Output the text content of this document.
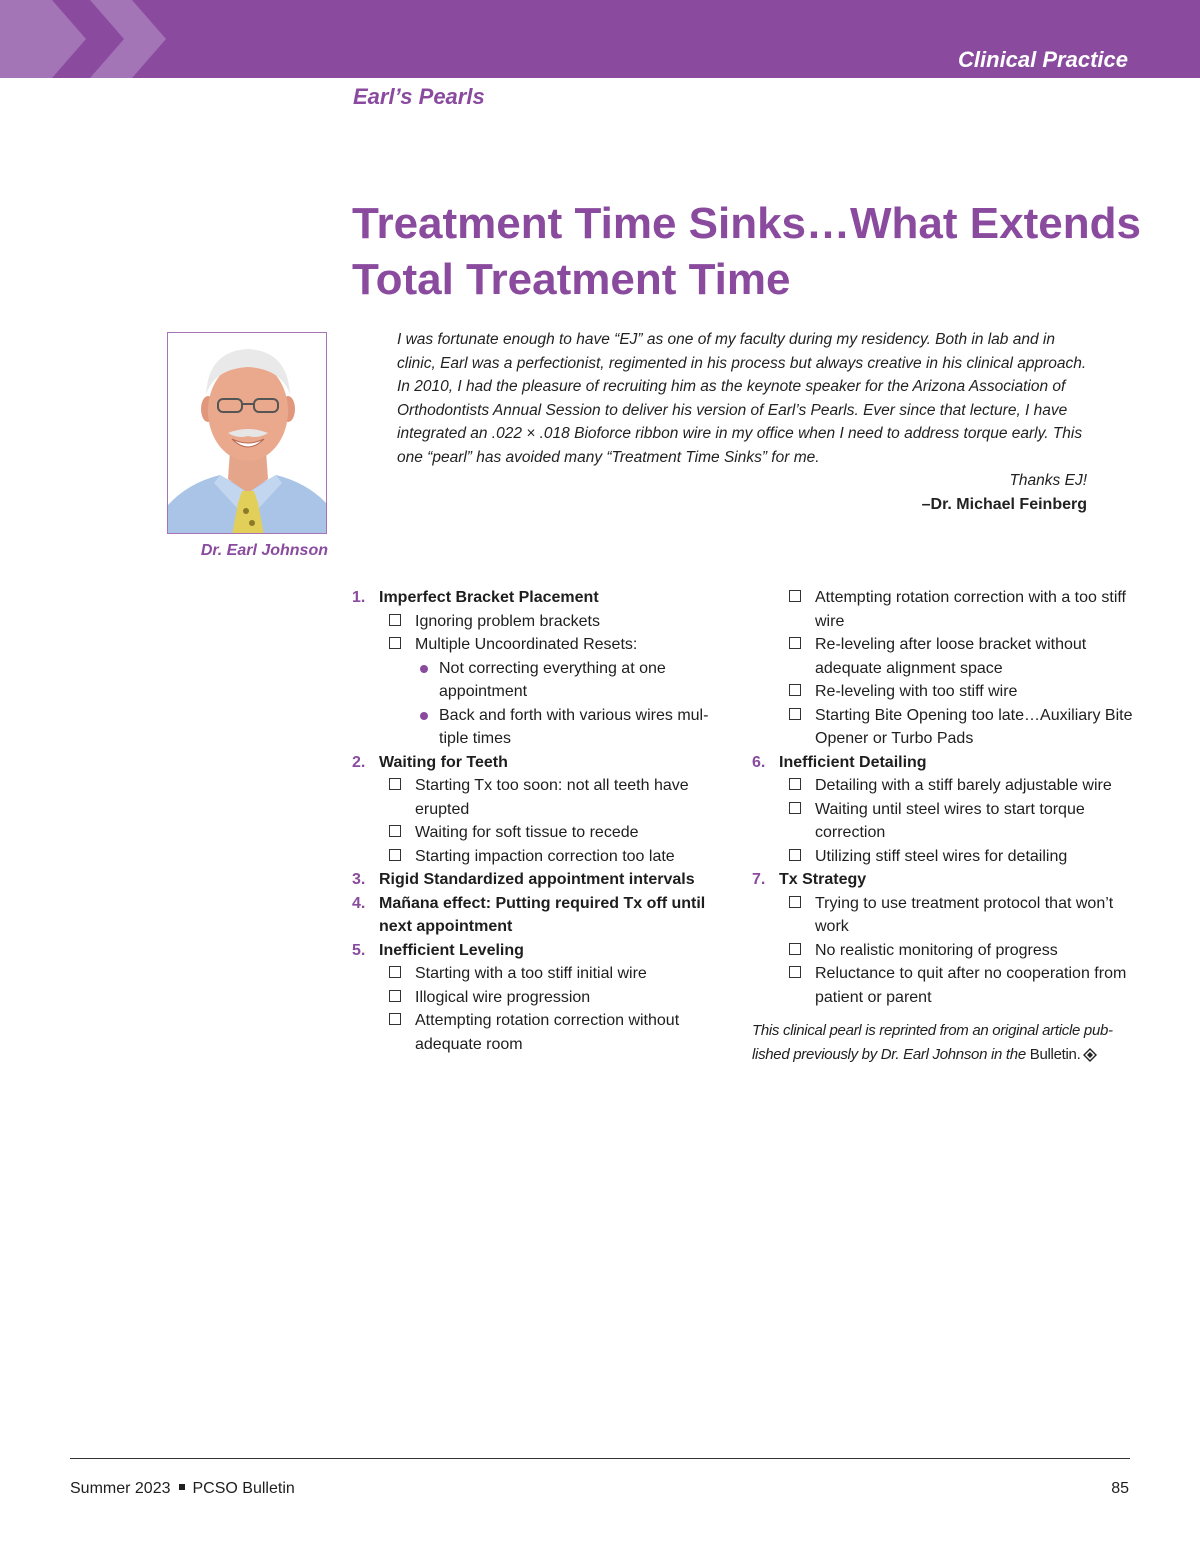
Clinical Practice
Earl’s Pearls
Treatment Time Sinks…What Extends
Total Treatment Time
Dr. Earl Johnson

I was fortunate enough to have “EJ” as one of my faculty during my residency. Both in lab and in clinic, Earl was a perfectionist, regimented in his process but always creative in his clinical approach. In 2010, I had the pleasure of recruiting him as the keynote speaker for the Arizona Association of Orthodontists Annual Session to deliver his version of Earl’s Pearls. Ever since that lecture, I have integrated an .022 × .018 Bioforce ribbon wire in my office when I need to address torque early. This one “pearl” has avoided many “Treatment Time Sinks” for me.

Thanks EJ!

–Dr. Michael Feinberg

1. Imperfect Bracket Placement
Ignoring problem brackets
Multiple Uncoordinated Resets:
Not correcting everything at one appointment
Back and forth with various wires mul-tiple times
2. Waiting for Teeth
Starting Tx too soon: not all teeth have erupted
Waiting for soft tissue to recede
Starting impaction correction too late
3. Rigid Standardized appointment intervals
4. Mañana effect: Putting required Tx off until next appointment
5. Inefficient Leveling
Starting with a too stiff initial wire
Illogical wire progression
Attempting rotation correction without adequate room
Attempting rotation correction with a too stiff wire
Re-leveling after loose bracket without adequate alignment space
Re-leveling with too stiff wire
Starting Bite Opening too late…Auxiliary Bite Opener or Turbo Pads
6. Inefficient Detailing
Detailing with a stiff barely adjustable wire
Waiting until steel wires to start torque correction
Utilizing stiff steel wires for detailing
7. Tx Strategy
Trying to use treatment protocol that won’t work
No realistic monitoring of progress
Reluctance to quit after no cooperation from patient or parent
This clinical pearl is reprinted from an original article pub-lished previously by Dr. Earl Johnson in the Bulletin.
Summer 2023 PCSO Bulletin	85
